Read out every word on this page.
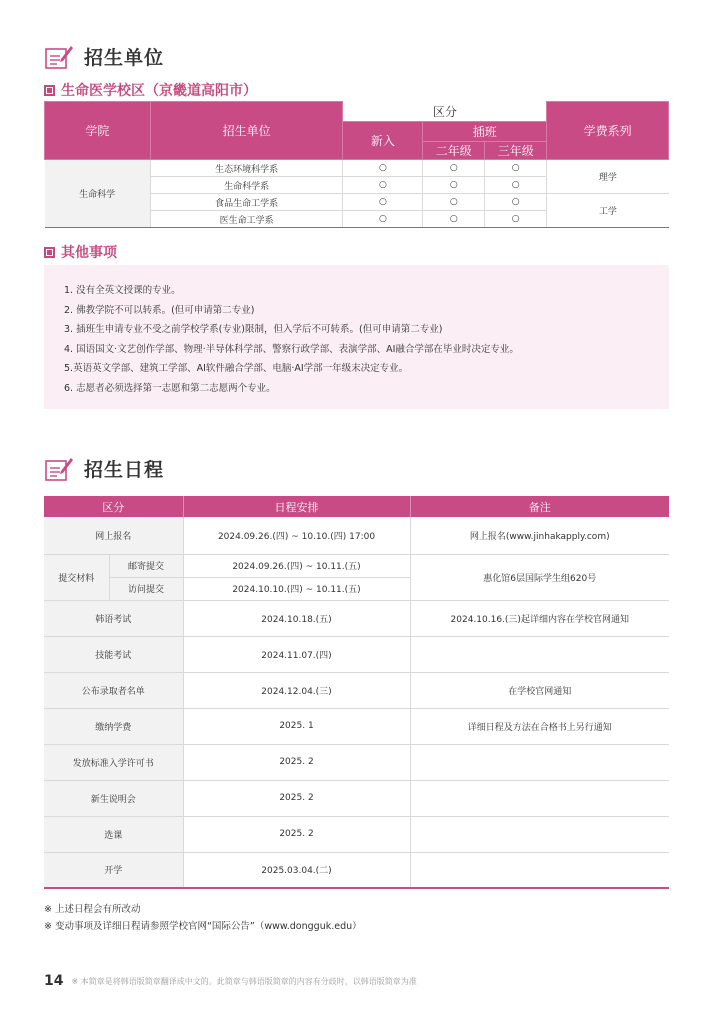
招生单位
生命医学校区（京畿道高阳市）
学院	招生单位	区分			学费系列
		新入	插班		
			二年级	三年级	
生命科学	生态环境科学系	○	○	○	理学
	生命科学系	○	○	○	
	食品生命工学系	○	○	○	工学
	医生命工学系	○	○	○	
其他事项
1. 没有全英文授课的专业。
2. 佛教学院不可以转系。(但可申请第二专业)
3. 插班生申请专业不受之前学校学系(专业)限制，但入学后不可转系。(但可申请第二专业)
4. 国语国文·文艺创作学部、物理·半导体科学部、警察行政学部、表演学部、AI融合学部在毕业时决定专业。
5.英语英文学部、建筑工学部、AI软件融合学部、电脑·AI学部一年级末决定专业。
6. 志愿者必须选择第一志愿和第二志愿两个专业。
招生日程
区分		日程安排	备注
网上报名		2024.09.26.(四) ~ 10.10.(四) 17:00	网上报名(www.jinhakapply.com)
提交材料	邮寄提交	2024.09.26.(四) ~ 10.11.(五)	惠化馆6层国际学生组620号
	访问提交	2024.10.10.(四) ~ 10.11.(五)	
韩语考试		2024.10.18.(五)	2024.10.16.(三)起详细内容在学校官网通知
技能考试		2024.11.07.(四)	
公布录取者名单		2024.12.04.(三)	在学校官网通知
缴纳学费		2025. 1	详细日程及方法在合格书上另行通知
发放标准入学许可书		2025. 2	
新生说明会		2025. 2	
选课		2025. 2	
开学		2025.03.04.(二)	
※ 上述日程会有所改动
※ 变动事项及详细日程请参照学校官网“国际公告”（www.dongguk.edu）
14 ※ 本简章是将韩语版简章翻译成中文的。此简章与韩语版简章的内容有分歧时，以韩语版简章为准
